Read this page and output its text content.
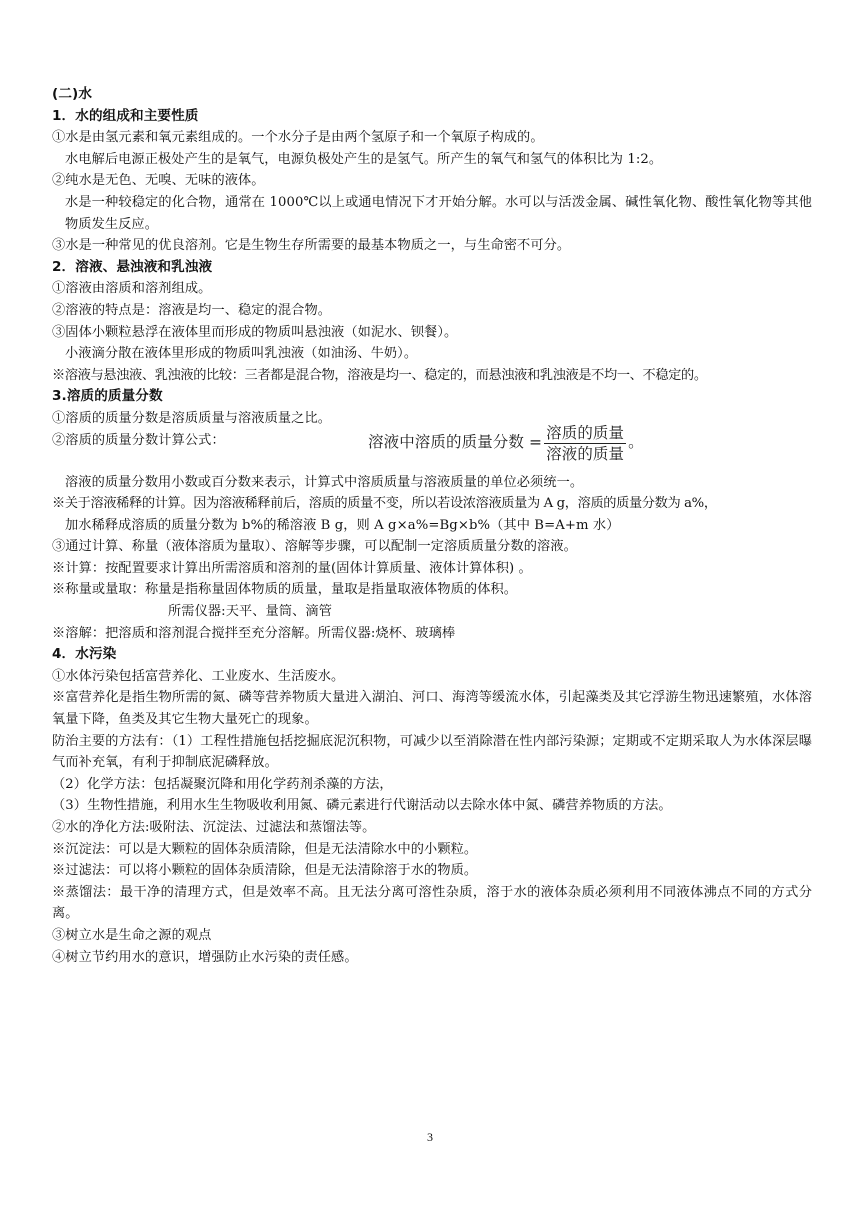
(二)水
1．水的组成和主要性质
①水是由氢元素和氧元素组成的。一个水分子是由两个氢原子和一个氧原子构成的。
水电解后电源正极处产生的是氧气，电源负极处产生的是氢气。所产生的氧气和氢气的体积比为 1:2。
②纯水是无色、无嗅、无味的液体。
水是一种较稳定的化合物，通常在 1000℃以上或通电情况下才开始分解。水可以与活泼金属、碱性氧化物、酸性氧化物等其他物质发生反应。
③水是一种常见的优良溶剂。它是生物生存所需要的最基本物质之一，与生命密不可分。
2．溶液、悬浊液和乳浊液
①溶液由溶质和溶剂组成。
②溶液的特点是：溶液是均一、稳定的混合物。
③固体小颗粒悬浮在液体里而形成的物质叫悬浊液（如泥水、钡餐）。
小液滴分散在液体里形成的物质叫乳浊液（如油汤、牛奶）。
※溶液与悬浊液、乳浊液的比较：三者都是混合物，溶液是均一、稳定的，而悬浊液和乳浊液是不均一、不稳定的。
3.溶质的质量分数
①溶质的质量分数是溶质质量与溶液质量之比。
②溶质的质量分数计算公式：	溶液中溶质的质量分数 = $\frac{\text{溶质的质量}}{\text{溶液的质量}}$ 。
溶液的质量分数用小数或百分数来表示，计算式中溶质质量与溶液质量的单位必须统一。
※关于溶液稀释的计算。因为溶液稀释前后，溶质的质量不变，所以若设浓溶液质量为 A g，溶质的质量分数为 a%，
加水稀释成溶质的质量分数为 b%的稀溶液 B g，则 A g×a%=Bg×b%（其中 B=A+m 水）
③通过计算、称量（液体溶质为量取）、溶解等步骤，可以配制一定溶质质量分数的溶液。
※计算：按配置要求计算出所需溶质和溶剂的量(固体计算质量、液体计算体积) 。
※称量或量取：称量是指称量固体物质的质量，量取是指量取液体物质的体积。
所需仪器:天平、量筒、滴管
※溶解：把溶质和溶剂混合搅拌至充分溶解。所需仪器:烧杯、玻璃棒
4．水污染
①水体污染包括富营养化、工业废水、生活废水。
※富营养化是指生物所需的氮、磷等营养物质大量进入湖泊、河口、海湾等缓流水体，引起藻类及其它浮游生物迅速繁殖，水体溶氧量下降，鱼类及其它生物大量死亡的现象。
防治主要的方法有：（1）工程性措施包括挖掘底泥沉积物，可减少以至消除潜在性内部污染源；定期或不定期采取人为水体深层曝气而补充氧，有利于抑制底泥磷释放。
（2）化学方法：包括凝聚沉降和用化学药剂杀藻的方法，
（3）生物性措施，利用水生生物吸收利用氮、磷元素进行代谢活动以去除水体中氮、磷营养物质的方法。
②水的净化方法:吸附法、沉淀法、过滤法和蒸馏法等。
※沉淀法：可以是大颗粒的固体杂质清除，但是无法清除水中的小颗粒。
※过滤法：可以将小颗粒的固体杂质清除，但是无法清除溶于水的物质。
※蒸馏法：最干净的清理方式，但是效率不高。且无法分离可溶性杂质，溶于水的液体杂质必须利用不同液体沸点不同的方式分离。
③树立水是生命之源的观点
④树立节约用水的意识，增强防止水污染的责任感。
3
